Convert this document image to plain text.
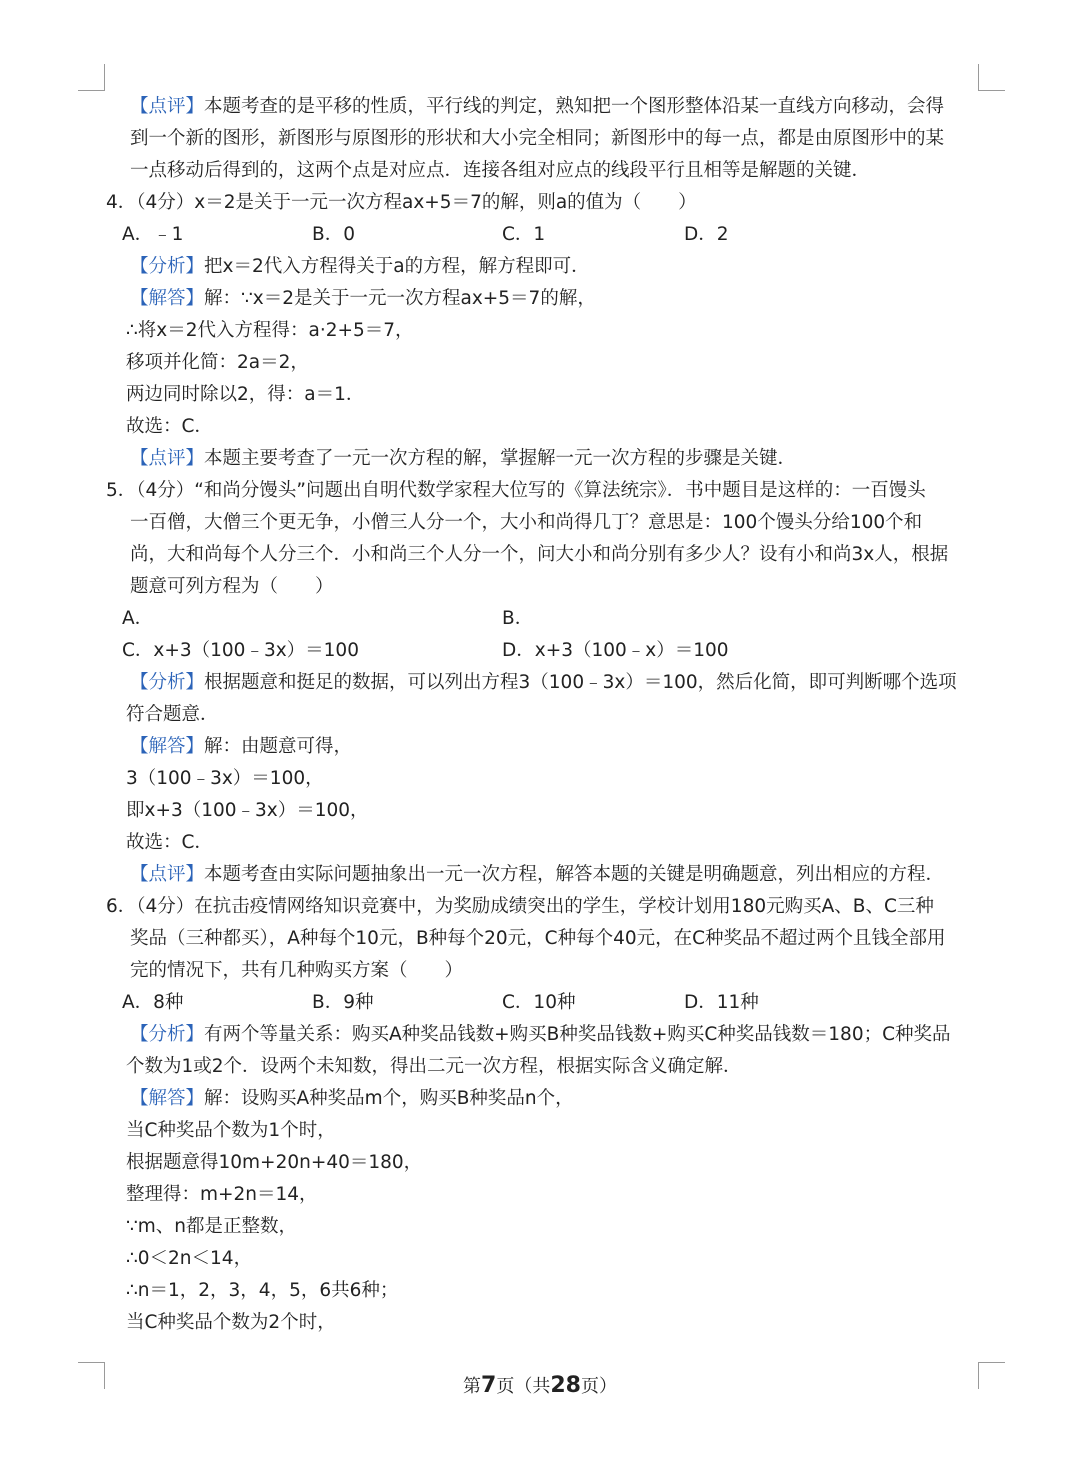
【点评】本题考查的是平移的性质，平行线的判定，熟知把一个图形整体沿某一直线方向移动，会得
到一个新的图形，新图形与原图形的形状和大小完全相同；新图形中的每一点，都是由原图形中的某
一点移动后得到的，这两个点是对应点．连接各组对应点的线段平行且相等是解题的关键．
4．（4分）x＝2是关于一元一次方程ax+5＝7的解，则a的值为（　　）
A．﹣1	B．0	C．1	D．2
【分析】把x＝2代入方程得关于a的方程，解方程即可．
【解答】解：∵x＝2是关于一元一次方程ax+5＝7的解，
∴将x＝2代入方程得：a·2+5＝7，
移项并化简：2a＝2，
两边同时除以2，得：a＝1．
故选：C．
【点评】本题主要考查了一元一次方程的解，掌握解一元一次方程的步骤是关键．
5．（4分）“和尚分馒头”问题出自明代数学家程大位写的《算法统宗》．书中题目是这样的：一百馒头
一百僧，大僧三个更无争，小僧三人分一个，大小和尚得几丁？意思是：100个馒头分给100个和
尚，大和尚每个人分三个．小和尚三个人分一个，问大小和尚分别有多少人？设有小和尚3x人，根据
题意可列方程为（　　）
A．	B．
C．x+3（100﹣3x）＝100	D．x+3（100﹣x）＝100
【分析】根据题意和挺足的数据，可以列出方程3（100﹣3x）＝100，然后化简，即可判断哪个选项
符合题意．
【解答】解：由题意可得，
3（100﹣3x）＝100，
即x+3（100﹣3x）＝100，
故选：C．
【点评】本题考查由实际问题抽象出一元一次方程，解答本题的关键是明确题意，列出相应的方程．
6．（4分）在抗击疫情网络知识竞赛中，为奖励成绩突出的学生，学校计划用180元购买A、B、C三种
奖品（三种都买），A种每个10元，B种每个20元，C种每个40元，在C种奖品不超过两个且钱全部用
完的情况下，共有几种购买方案（　　）
A．8种	B．9种	C．10种	D．11种
【分析】有两个等量关系：购买A种奖品钱数+购买B种奖品钱数+购买C种奖品钱数＝180；C种奖品
个数为1或2个．设两个未知数，得出二元一次方程，根据实际含义确定解．
【解答】解：设购买A种奖品m个，购买B种奖品n个，
当C种奖品个数为1个时，
根据题意得10m+20n+40＝180，
整理得：m+2n＝14，
∵m、n都是正整数，
∴0＜2n＜14，
∴n＝1，2，3，4，5，6共6种；
当C种奖品个数为2个时，
第7页（共28页）
